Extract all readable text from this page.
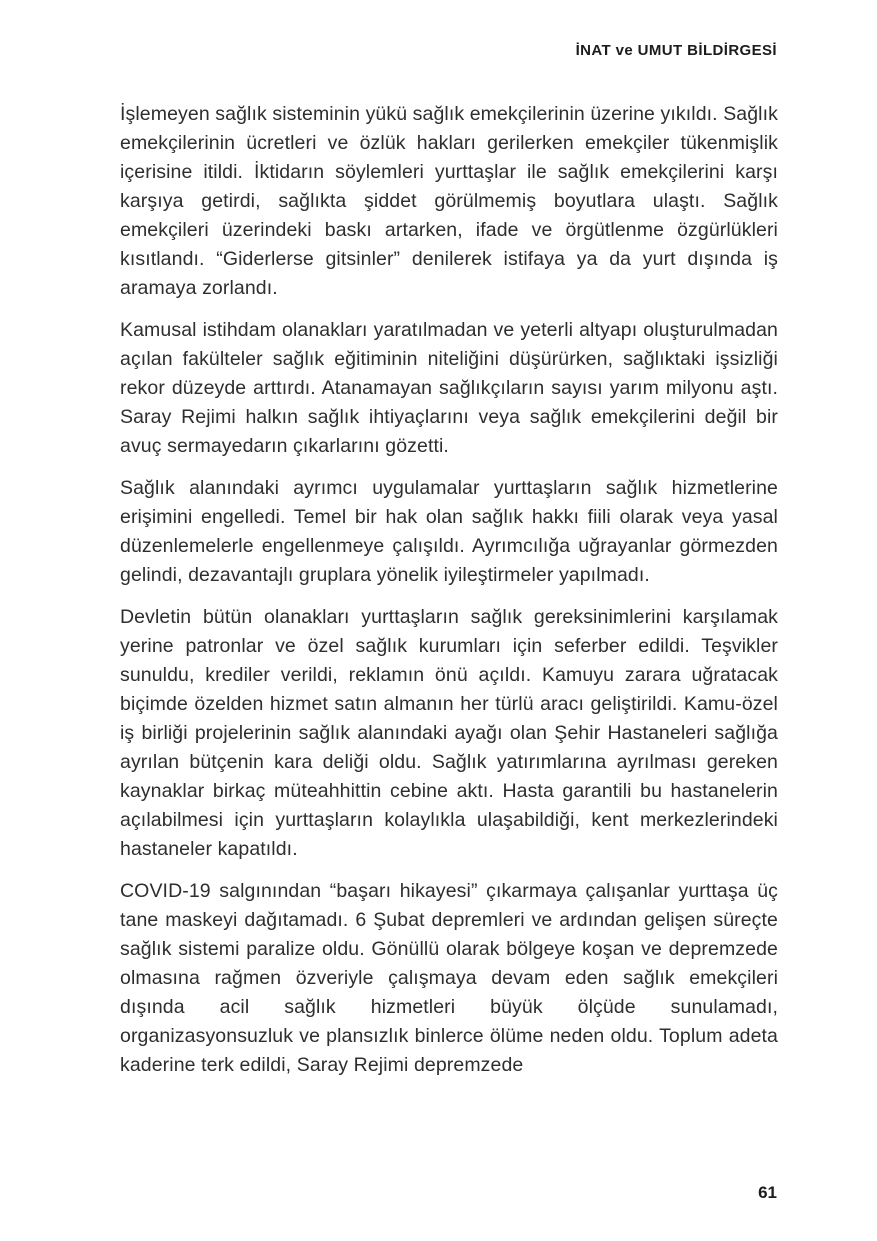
İNAT ve UMUT BİLDİRGESİ

İşlemeyen sağlık sisteminin yükü sağlık emekçilerinin üzerine yıkıldı. Sağlık emekçilerinin ücretleri ve özlük hakları gerilerken emekçiler tükenmişlik içerisine itildi. İktidarın söylemleri yurttaşlar ile sağlık emekçilerini karşı karşıya getirdi, sağlıkta şiddet görülmemiş boyutlara ulaştı. Sağlık emekçileri üzerindeki baskı artarken, ifade ve örgütlenme özgürlükleri kısıtlandı. “Giderlerse gitsinler” denilerek istifaya ya da yurt dışında iş aramaya zorlandı.

Kamusal istihdam olanakları yaratılmadan ve yeterli altyapı oluşturulmadan açılan fakülteler sağlık eğitiminin niteliğini düşürürken, sağlıktaki işsizliği rekor düzeyde arttırdı. Atanamayan sağlıkçıların sayısı yarım milyonu aştı. Saray Rejimi halkın sağlık ihtiyaçlarını veya sağlık emekçilerini değil bir avuç sermayedarın çıkarlarını gözetti.

Sağlık alanındaki ayrımcı uygulamalar yurttaşların sağlık hizmetlerine erişimini engelledi. Temel bir hak olan sağlık hakkı fiili olarak veya yasal düzenlemelerle engellenmeye çalışıldı. Ayrımcılığa uğrayanlar görmezden gelindi, dezavantajlı gruplara yönelik iyileştirmeler yapılmadı.

Devletin bütün olanakları yurttaşların sağlık gereksinimlerini karşılamak yerine patronlar ve özel sağlık kurumları için seferber edildi. Teşvikler sunuldu, krediler verildi, reklamın önü açıldı. Kamuyu zarara uğratacak biçimde özelden hizmet satın almanın her türlü aracı geliştirildi. Kamu-özel iş birliği projelerinin sağlık alanındaki ayağı olan Şehir Hastaneleri sağlığa ayrılan bütçenin kara deliği oldu. Sağlık yatırımlarına ayrılması gereken kaynaklar birkaç müteahhittin cebine aktı. Hasta garantili bu hastanelerin açılabilmesi için yurttaşların kolaylıkla ulaşabildiği, kent merkezlerindeki hastaneler kapatıldı.

COVID-19 salgınından “başarı hikayesi” çıkarmaya çalışanlar yurttaşa üç tane maskeyi dağıtamadı. 6 Şubat depremleri ve ardından gelişen süreçte sağlık sistemi paralize oldu. Gönüllü olarak bölgeye koşan ve depremzede olmasına rağmen özveriyle çalışmaya devam eden sağlık emekçileri dışında acil sağlık hizmetleri büyük ölçüde sunulamadı, organizasyonsuzluk ve plansızlık binlerce ölüme neden oldu. Toplum adeta kaderine terk edildi, Saray Rejimi depremzede

61
